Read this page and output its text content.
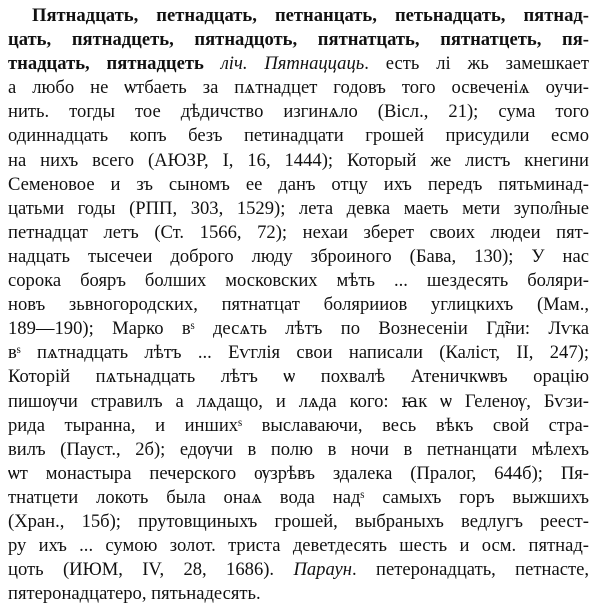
Пятнадцать, петнадцать, петнанцать, петьнадцать, пятнад-
цать, пятнадцеть, пятнадцоть, пятнатцать, пятнатцеть, пя-
тнадцать, пятнадцеть ліч. Пятнаццаць. есть лі жь замешкает
а любо не ѡтбаеть за пѧтнадцет годовъ того освеченіѧ оучи-
нить. тогды тое дѣдичство изгинѧло (Вісл., 21); сума того
одиннадцать копъ безъ петинадцати грошей присудили есмо
на нихъ всего (АЮЗР, I, 16, 1444); Который же листъ кнегини
Семеновое и зъ сыномъ ее данъ отцу ихъ передъ пятьминад-
цатьми годы (РПП, 303, 1529); лета девка маеть мети зупол̑ные
петнадцат летъ (Ст. 1566, 72); нехаи зберет своих людеи пят-
надцать тысечеи доброго люду зброиного (Бава, 130); У нас
сорока бояръ болших московских мѣть ... шездесять боляри-
новъ зьвногородских, пятнатцат болярииов углицкихъ (Мам.,
189—190); Марко вˢ десѧть лѣтъ по Вознесеніи Гд̃ни: Лѵка
вˢ пѧтнадцать лѣтъ ... Еѵглія свои написали (Каліст, II, 247);
Которій пѧтьнадцать лѣтъ ѡ похвалѣ Атеничкѡвъ орацію
пишѹчи стравилъ а лѧдащо, и лѧда кого: ꙗк ѡ Геленѹ, Бѵзи-
рида тыранна, и иншихˢ выславаючи, весь вѣкъ свой стра-
вилъ (Пауст., 2б); едѹчи в полю в ночи в петнанцати мѣлехъ
ѡт монастыра печерского ѹзрѣвъ здалека (Пралог, 644б); Пя-
тнатцети локоть была онаѧ вода надˢ самыхъ горъ выжшихъ
(Хран., 15б); прутовщиныхъ грошей, выбраныхъ ведлугъ реест-
ру ихъ ... сумою золот. триста деветдесять шесть и осм. пятнад-
цоть (ИЮМ, IV, 28, 1686). Параун. петеронадцать, петнасте,
пятеронадцатеро, пятьнадесять.
